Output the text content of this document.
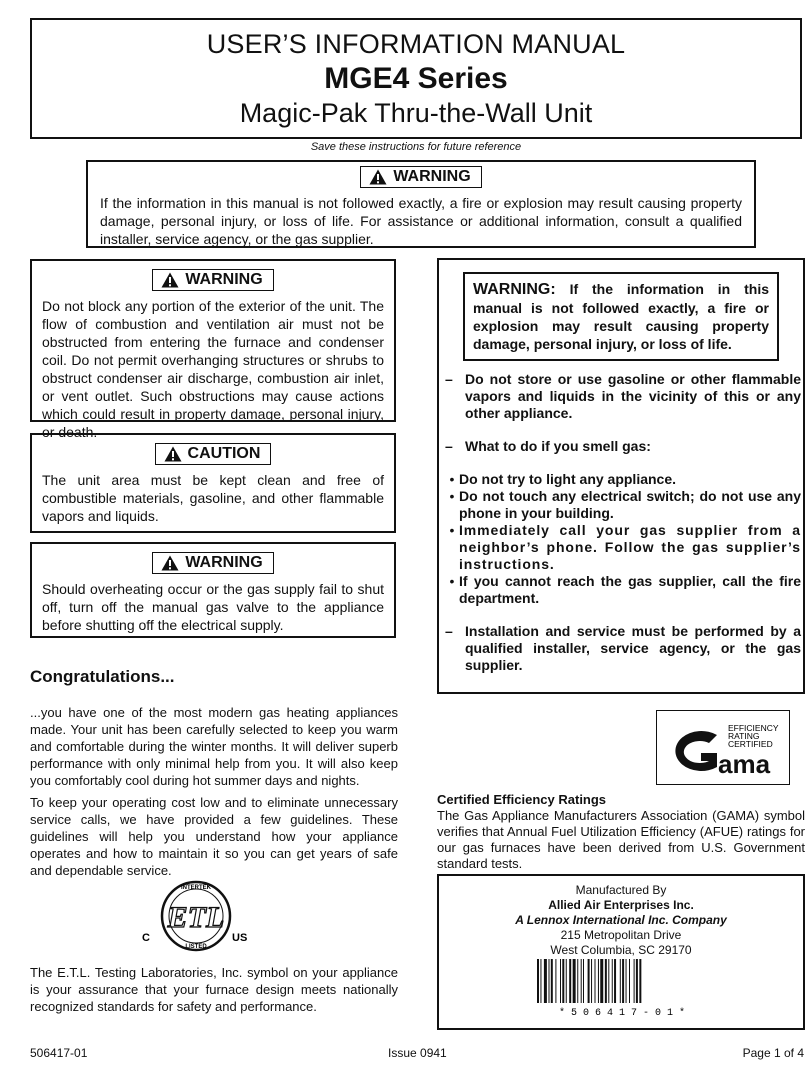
USER’S INFORMATION MANUAL
MGE4 Series
Magic-Pak Thru-the-Wall Unit
Save these instructions for future reference
WARNING

If the information in this manual is not followed exactly, a fire or explosion may result causing property damage, personal injury, or loss of life. For assistance or additional information, consult a qualified installer, service agency, or the gas supplier.

WARNING

Do not block any portion of the exterior of the unit. The flow of combustion and ventilation air must not be obstructed from entering the furnace and condenser coil. Do not permit overhanging structures or shrubs to obstruct condenser air discharge, combustion air inlet, or vent outlet. Such obstructions may cause actions which could result in property damage, personal injury, or death.

CAUTION

The unit area must be kept clean and free of combustible materials, gasoline, and other flammable vapors and liquids.

WARNING

Should overheating occur or the gas supply fail to shut off, turn off the manual gas valve to the appliance before shutting off the electrical supply.

WARNING: If the information in this manual is not followed exactly, a fire or explosion may result causing property damage, personal injury, or loss of life.
– Do not store or use gasoline or other flammable vapors and liquids in the vicinity of this or any other appliance.
– What to do if you smell gas:
• Do not try to light any appliance.
• Do not touch any electrical switch; do not use any phone in your building.
• Immediately call your gas supplier from a neighbor’s phone. Follow the gas supplier’s instructions.
• If you cannot reach the gas supplier, call the fire department.
– Installation and service must be performed by a qualified installer, service agency, or the gas supplier.
Congratulations...

...you have one of the most modern gas heating appliances made. Your unit has been carefully selected to keep you warm and comfortable during the winter months. It will deliver superb performance with only minimal help from you. It will also keep you comfortably cool during hot summer days and nights.

To keep your operating cost low and to eliminate unnecessary service calls, we have provided a few guidelines. These guidelines will help you understand how your appliance operates and how to maintain it so you can get years of safe and dependable service.

INTERTEK
LISTED
ETL
C	US

The E.T.L. Testing Laboratories, Inc. symbol on your appliance is your assurance that your furnace design meets nationally recognized standards for safety and performance.

EFFICIENCY
RATING
CERTIFIED
ama
Certified Efficiency Ratings

The Gas Appliance Manufacturers Association (GAMA) symbol verifies that Annual Fuel Utilization Efficiency (AFUE) ratings for our gas furnaces have been derived from U.S. Government standard tests.

Manufactured By
Allied Air Enterprises Inc.
A Lennox International Inc. Company
215 Metropolitan Drive
West Columbia, SC 29170
* 5 0 6 4 1 7 - 0 1 *
506417-01	Issue 0941	Page 1 of 4
